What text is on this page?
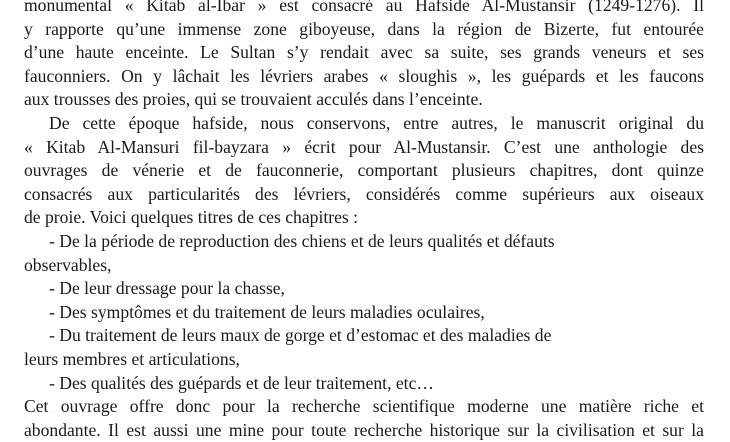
monumental « Kitab al-Ibar » est consacré au Hafside Al-Mustansir (1249-1276). Il
y rapporte qu’une immense zone giboyeuse, dans la région de Bizerte, fut entourée
d’une haute enceinte. Le Sultan s’y rendait avec sa suite, ses grands veneurs et ses
fauconniers. On y lâchait les lévriers arabes « sloughis », les guépards et les faucons
aux trousses des proies, qui se trouvaient acculés dans l’enceinte.
De cette époque hafside, nous conservons, entre autres, le manuscrit original du
« Kitab Al-Mansuri fil-bayzara » écrit pour Al-Mustansir. C’est une anthologie des
ouvrages de vénerie et de fauconnerie, comportant plusieurs chapitres, dont quinze
consacrés aux particularités des lévriers, considérés comme supérieurs aux oiseaux
de proie. Voici quelques titres de ces chapitres :
- De la période de reproduction des chiens et de leurs qualités et défauts
observables,
- De leur dressage pour la chasse,
- Des symptômes et du traitement de leurs maladies oculaires,
- Du traitement de leurs maux de gorge et d’estomac et des maladies de
leurs membres et articulations,
- Des qualités des guépards et de leur traitement, etc…
Cet ouvrage offre donc pour la recherche scientifique moderne une matière riche et
abondante. Il est aussi une mine pour toute recherche historique sur la civilisation et sur la
